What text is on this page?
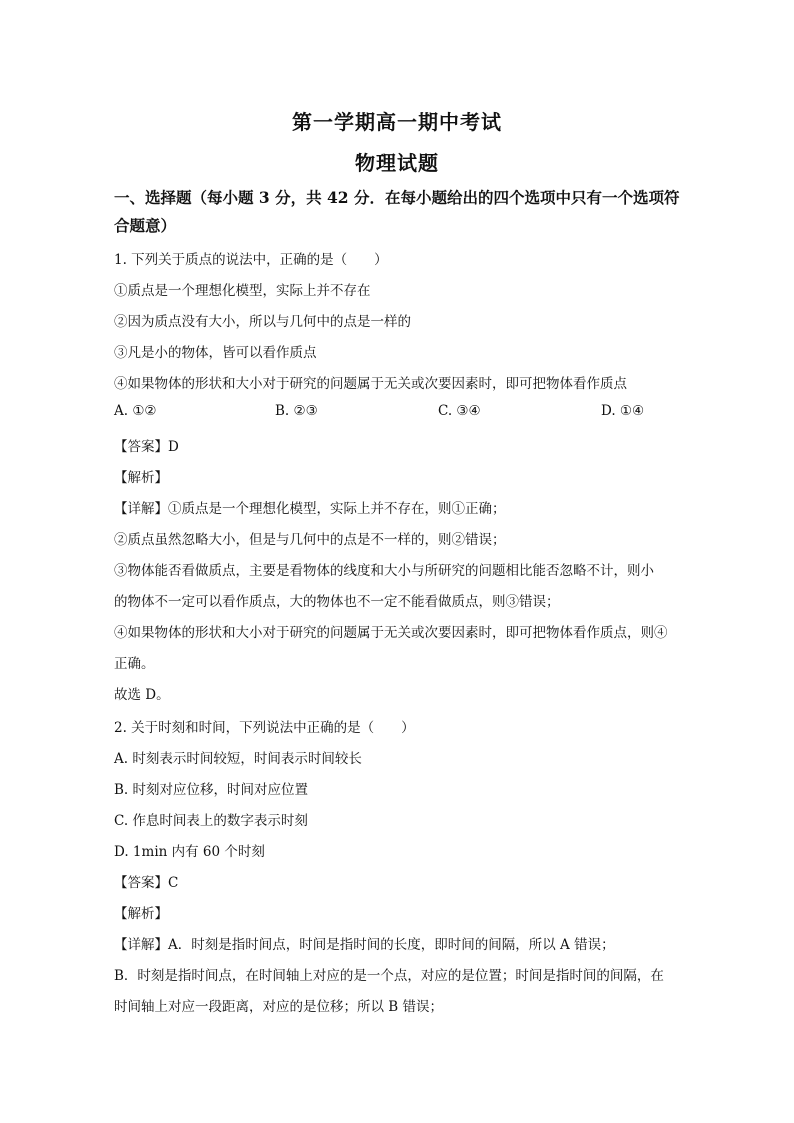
第一学期高一期中考试
物理试题
一、选择题（每小题 3 分，共 42 分．在每小题给出的四个选项中只有一个选项符
合题意）
1. 下列关于质点的说法中，正确的是（　　）
①质点是一个理想化模型，实际上并不存在
②因为质点没有大小，所以与几何中的点是一样的
③凡是小的物体，皆可以看作质点
④如果物体的形状和大小对于研究的问题属于无关或次要因素时，即可把物体看作质点
A. ①②	B. ②③	C. ③④	D. ①④
【答案】D
【解析】
【详解】①质点是一个理想化模型，实际上并不存在，则①正确；
②质点虽然忽略大小，但是与几何中的点是不一样的，则②错误；
③物体能否看做质点，主要是看物体的线度和大小与所研究的问题相比能否忽略不计，则小
的物体不一定可以看作质点，大的物体也不一定不能看做质点，则③错误；
④如果物体的形状和大小对于研究的问题属于无关或次要因素时，即可把物体看作质点，则④
正确。
故选 D。
2. 关于时刻和时间，下列说法中正确的是（　　）
A. 时刻表示时间较短，时间表示时间较长
B. 时刻对应位移，时间对应位置
C. 作息时间表上的数字表示时刻
D. 1min 内有 60 个时刻
【答案】C
【解析】
【详解】A．时刻是指时间点，时间是指时间的长度，即时间的间隔，所以 A 错误；
B．时刻是指时间点，在时间轴上对应的是一个点，对应的是位置；时间是指时间的间隔，在
时间轴上对应一段距离，对应的是位移；所以 B 错误；
